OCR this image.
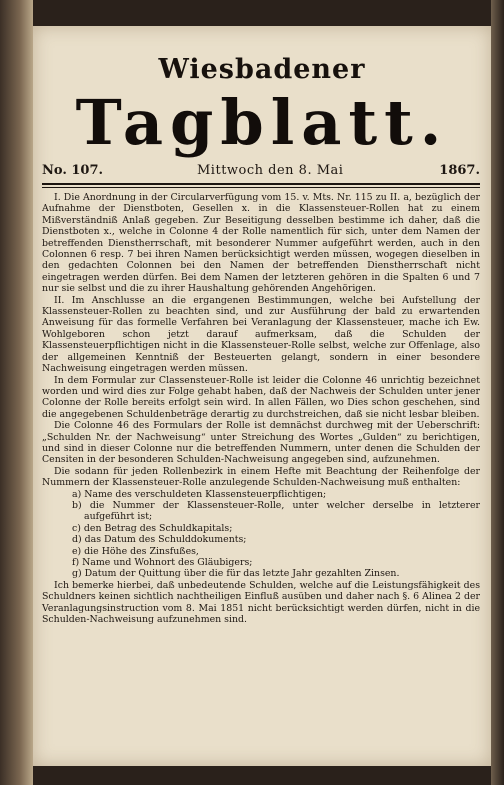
Wiesbadener
Tagblatt.
No. 107.	Mittwoch den 8. Mai	1867.

I. Die Anordnung in der Circularverfügung vom 15. v. Mts. Nr. 115 zu II. a, bezüglich der Aufnahme der Dienstboten, Gesellen x. in die Klassensteuer-Rollen hat zu einem Mißverständniß Anlaß gegeben. Zur Beseitigung desselben bestimme ich daher, daß die Dienstboten x., welche in Colonne 4 der Rolle namentlich für sich, unter dem Namen der betreffenden Dienstherrschaft, mit besonderer Nummer aufgeführt werden, auch in den Colonnen 6 resp. 7 bei ihren Namen berücksichtigt werden müssen, wogegen dieselben in den gedachten Colonnen bei den Namen der betreffenden Dienstherrschaft nicht eingetragen werden dürfen. Bei dem Namen der letzteren gehören in die Spalten 6 und 7 nur sie selbst und die zu ihrer Haushaltung gehörenden Angehörigen.

II. Im Anschlusse an die ergangenen Bestimmungen, welche bei Aufstellung der Klassensteuer-Rollen zu beachten sind, und zur Ausführung der bald zu erwartenden Anweisung für das formelle Verfahren bei Veranlagung der Klassensteuer, mache ich Ew. Wohlgeboren schon jetzt darauf aufmerksam, daß die Schulden der Klassensteuerpflichtigen nicht in die Klassensteuer-Rolle selbst, welche zur Offenlage, also der allgemeinen Kenntniß der Besteuerten gelangt, sondern in einer besondere Nachweisung eingetragen werden müssen.

In dem Formular zur Classensteuer-Rolle ist leider die Colonne 46 unrichtig bezeichnet worden und wird dies zur Folge gehabt haben, daß der Nachweis der Schulden unter jener Colonne der Rolle bereits erfolgt sein wird. In allen Fällen, wo Dies schon geschehen, sind die angegebenen Schuldenbeträge derartig zu durchstreichen, daß sie nicht lesbar bleiben.

Die Colonne 46 des Formulars der Rolle ist demnächst durchweg mit der Ueberschrift: „Schulden Nr. der Nachweisung“ unter Streichung des Wortes „Gulden“ zu berichtigen, und sind in dieser Colonne nur die betreffenden Nummern, unter denen die Schulden der Censiten in der besonderen Schulden-Nachweisung angegeben sind, aufzunehmen.

Die sodann für jeden Rollenbezirk in einem Hefte mit Beachtung der Reihenfolge der Nummern der Klassensteuer-Rolle anzulegende Schulden-Nachweisung muß enthalten:

a) Name des verschuldeten Klassensteuerpflichtigen;
b) die Nummer der Klassensteuer-Rolle, unter welcher derselbe in letzterer aufgeführt ist;
c) den Betrag des Schuldkapitals;
d) das Datum des Schulddokuments;
e) die Höhe des Zinsfußes,
f) Name und Wohnort des Gläubigers;
g) Datum der Quittung über die für das letzte Jahr gezahlten Zinsen.

Ich bemerke hierbei, daß unbedeutende Schulden, welche auf die Leistungsfähigkeit des Schuldners keinen sichtlich nachtheiligen Einfluß ausüben und daher nach §. 6 Alinea 2 der Veranlagungsinstruction vom 8. Mai 1851 nicht berücksichtigt werden dürfen, nicht in die Schulden-Nachweisung aufzunehmen sind.
